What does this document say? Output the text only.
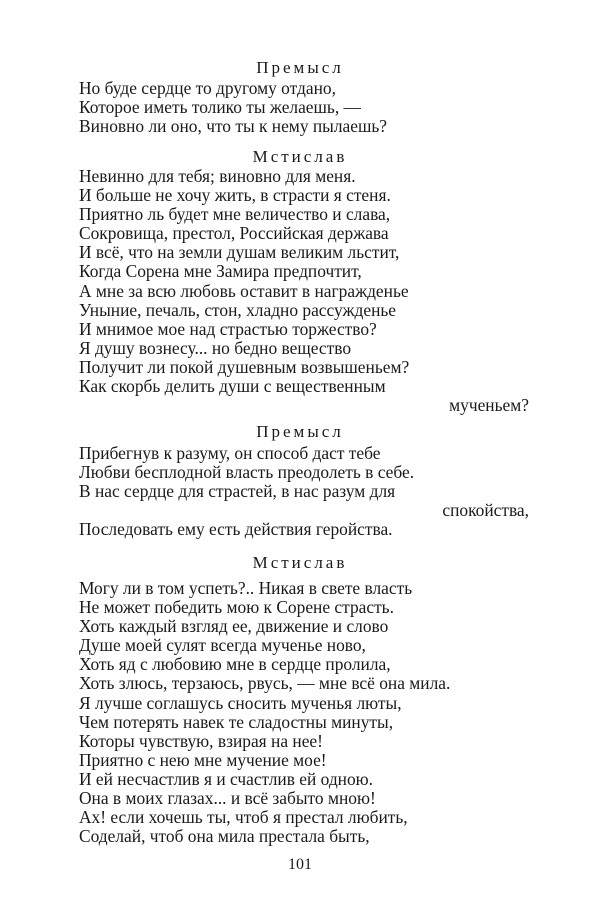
Премысл
Но буде сердце то другому отдано,
Которое иметь толико ты желаешь, —
Виновно ли оно, что ты к нему пылаешь?
Мстислав
Невинно для тебя; виновно для меня.
И больше не хочу жить, в страсти я стеня.
Приятно ль будет мне величество и слава,
Сокровища, престол, Российская держава
И всё, что на земли душам великим льстит,
Когда Сорена мне Замира предпочтит,
А мне за всю любовь оставит в награжденье
Уныние, печаль, стон, хладно рассужденье
И мнимое мое над страстью торжество?
Я душу вознесу... но бедно вещество
Получит ли покой душевным возвышеньем?
Как скорбь делить души с вещественным
мученьем?
Премысл
Прибегнув к разуму, он способ даст тебе
Любви бесплодной власть преодолеть в себе.
В нас сердце для страстей, в нас разум для
спокойства,
Последовать ему есть действия геройства.
Мстислав
Могу ли в том успеть?.. Никая в свете власть
Не может победить мою к Сорене страсть.
Хоть каждый взгляд ее, движение и слово
Душе моей сулят всегда мученье ново,
Хоть яд с любовию мне в сердце пролила,
Хоть злюсь, терзаюсь, рвусь, — мне всё она мила.
Я лучше соглашусь сносить мученья люты,
Чем потерять навек те сладостны минуты,
Которы чувствую, взирая на нее!
Приятно с нею мне мучение мое!
И ей несчастлив я и счастлив ей одною.
Она в моих глазах... и всё забыто мною!
Ах! если хочешь ты, чтоб я престал любить,
Соделай, чтоб она мила престала быть,
101
